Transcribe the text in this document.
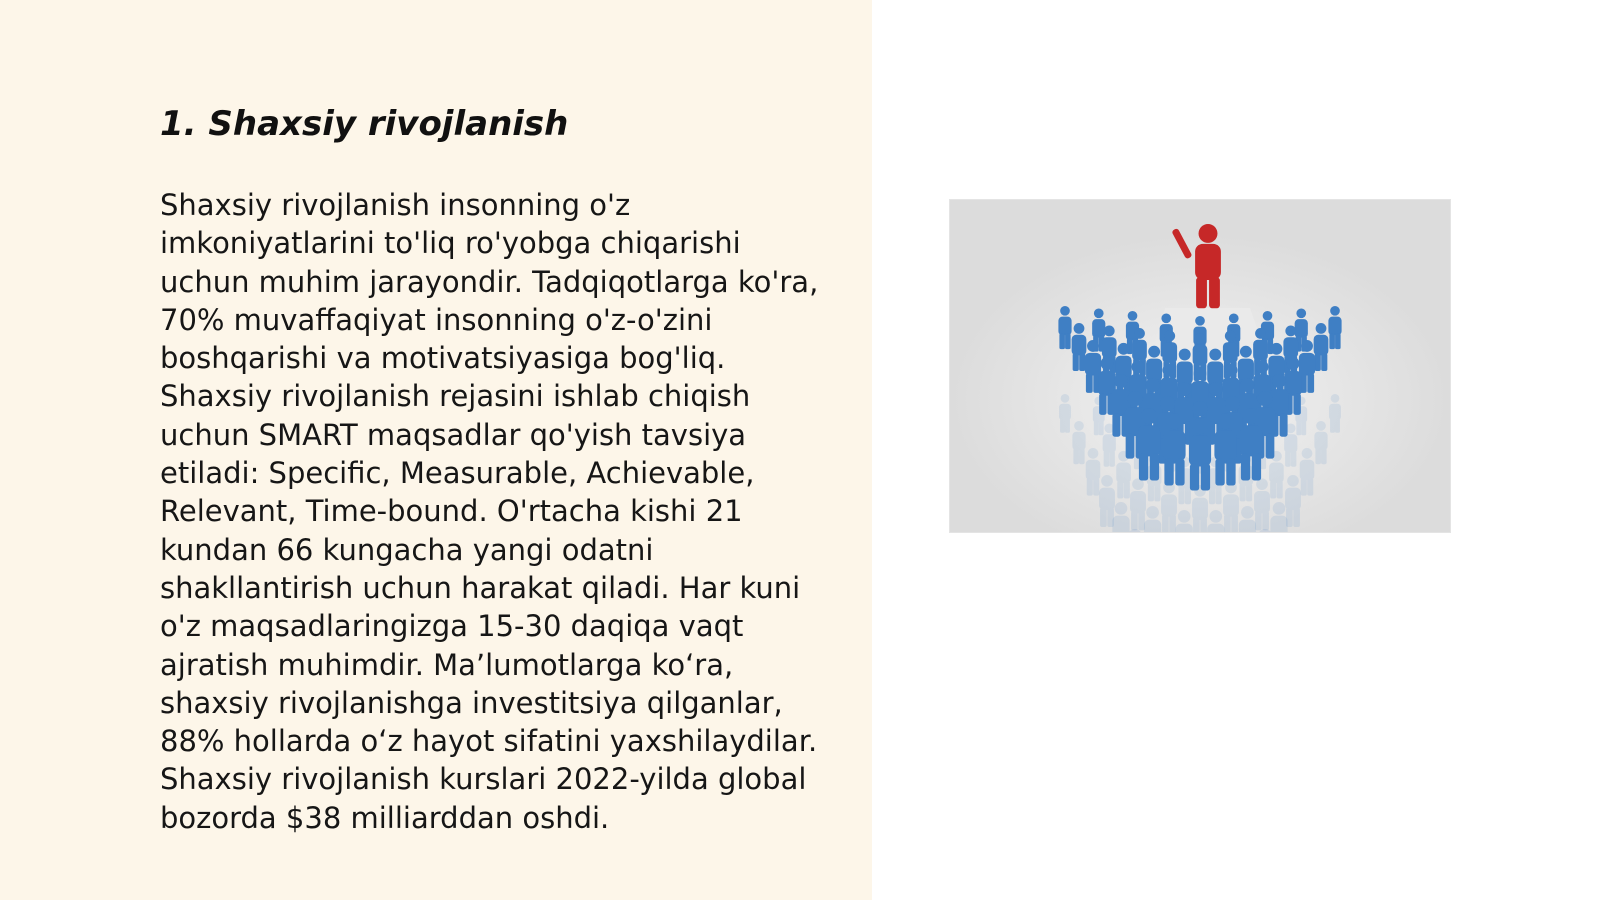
1. Shaxsiy rivojlanish

Shaxsiy rivojlanish insonning o'z imkoniyatlarini to'liq ro'yobga chiqarishi uchun muhim jarayondir. Tadqiqotlarga ko'ra, 70% muvaffaqiyat insonning o'z-o'zini boshqarishi va motivatsiyasiga bog'liq. Shaxsiy rivojlanish rejasini ishlab chiqish uchun SMART maqsadlar qo'yish tavsiya etiladi: Specific, Measurable, Achievable, Relevant, Time-bound. O'rtacha kishi 21 kundan 66 kungacha yangi odatni shakllantirish uchun harakat qiladi. Har kuni o'z maqsadlaringizga 15-30 daqiqa vaqt ajratish muhimdir. Ma’lumotlarga ko‘ra, shaxsiy rivojlanishga investitsiya qilganlar, 88% hollarda o‘z hayot sifatini yaxshilaydilar. Shaxsiy rivojlanish kurslari 2022-yilda global bozorda $38 milliarddan oshdi.
